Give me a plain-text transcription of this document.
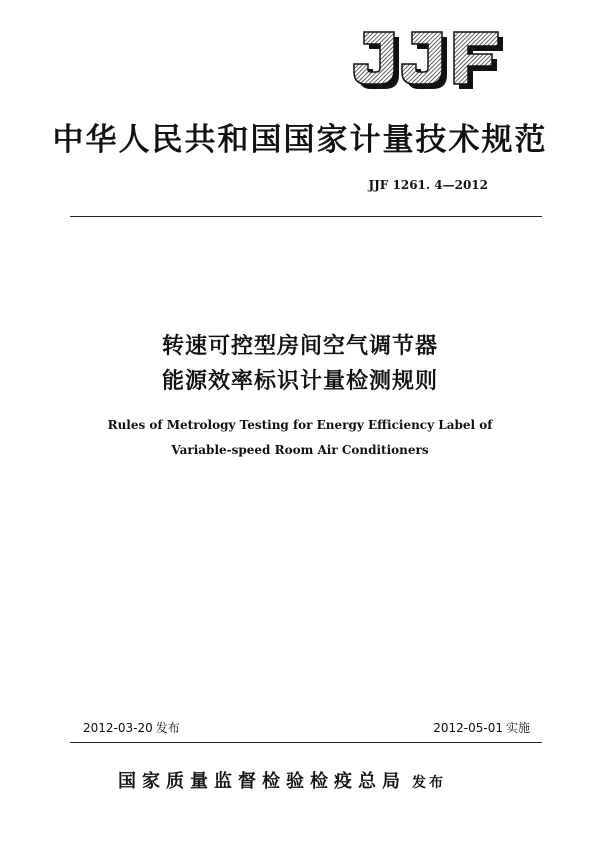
中华人民共和国国家计量技术规范
JJF 1261. 4—2012
转速可控型房间空气调节器
能源效率标识计量检测规则
Rules of Metrology Testing for Energy Efficiency Label of
Variable-speed Room Air Conditioners
2012-03-20 发布	2012-05-01 实施
国家质量监督检验检疫总局 发布
